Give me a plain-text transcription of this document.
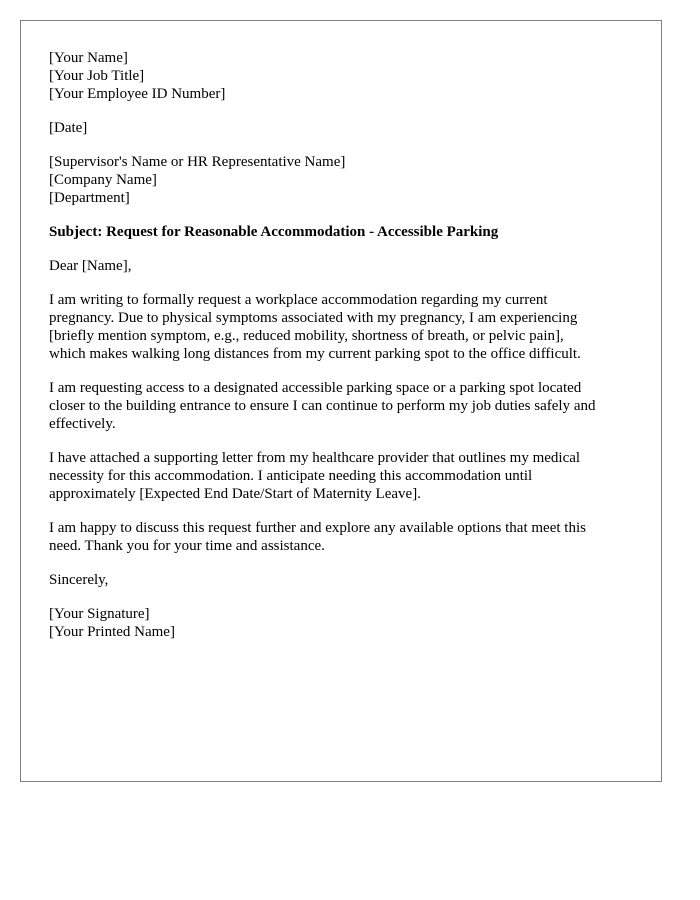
[Your Name]
[Your Job Title]
[Your Employee ID Number]
[Date]
[Supervisor's Name or HR Representative Name]
[Company Name]
[Department]
Subject: Request for Reasonable Accommodation - Accessible Parking
Dear [Name],
I am writing to formally request a workplace accommodation regarding my current
pregnancy. Due to physical symptoms associated with my pregnancy, I am experiencing
[briefly mention symptom, e.g., reduced mobility, shortness of breath, or pelvic pain],
which makes walking long distances from my current parking spot to the office difficult.
I am requesting access to a designated accessible parking space or a parking spot located
closer to the building entrance to ensure I can continue to perform my job duties safely and
effectively.
I have attached a supporting letter from my healthcare provider that outlines my medical
necessity for this accommodation. I anticipate needing this accommodation until
approximately [Expected End Date/Start of Maternity Leave].
I am happy to discuss this request further and explore any available options that meet this
need. Thank you for your time and assistance.
Sincerely,
[Your Signature]
[Your Printed Name]
